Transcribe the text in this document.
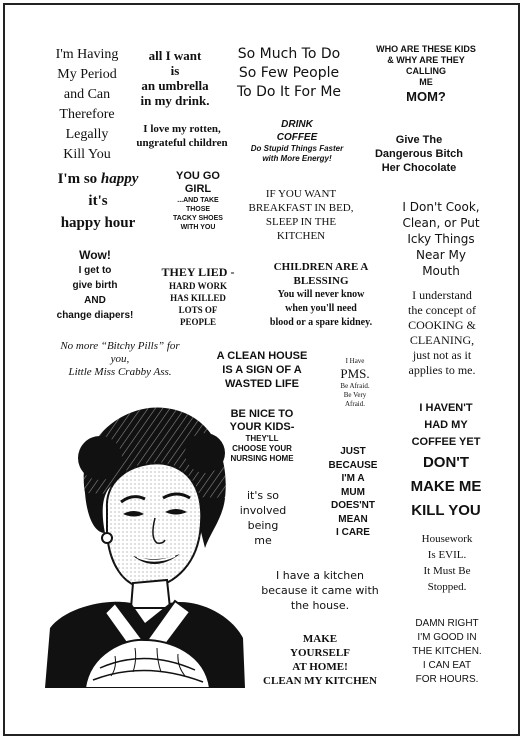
I'm Having
My Period
and Can
Therefore
Legally
Kill You
all I want
is
an umbrella
in my drink.
So Much To Do
So Few People
To Do It For Me
WHO ARE THESE KIDS
& WHY ARE THEY
CALLING
ME
MOM?
I love my rotten,
ungrateful children
DRINK
COFFEE
Do Stupid Things Faster
with More Energy!
Give The
Dangerous Bitch
Her Chocolate
I'm so happy
it's
happy hour
YOU GO
GIRL
...AND TAKE
THOSE
TACKY SHOES
WITH YOU
IF YOU WANT
BREAKFAST IN BED,
SLEEP IN THE
KITCHEN
I Don't Cook,
Clean, or Put
Icky Things
Near My
Mouth
Wow!
I get to
give birth
AND
change diapers!
THEY LIED -
HARD WORK
HAS KILLED
LOTS OF
PEOPLE
CHILDREN ARE A
BLESSING
You will never know
when you'll need
blood or a spare kidney.
I understand
the concept of
COOKING &
CLEANING,
just not as it
applies to me.
No more “Bitchy Pills” for
you,
Little Miss Crabby Ass.
A CLEAN HOUSE
IS A SIGN OF A
WASTED LIFE
I Have
PMS.
Be Afraid.
Be Very
Afraid.	I HAVEN'T
HAD MY
COFFEE YET
DON'T
MAKE ME
KILL YOU
BE NICE TO
YOUR KIDS-
THEY'LL
CHOOSE YOUR
NURSING HOME
JUST
BECAUSE
I'M A
MUM
DOES'NT
MEAN
I CARE
it's so
involved
being
me	Housework
Is EVIL.
It Must Be
Stopped.
I have a kitchen
because it came with
the house.
DAMN RIGHT
I'M GOOD IN
THE KITCHEN.
I CAN EAT
FOR HOURS.
MAKE
YOURSELF
AT HOME!
CLEAN MY KITCHEN
